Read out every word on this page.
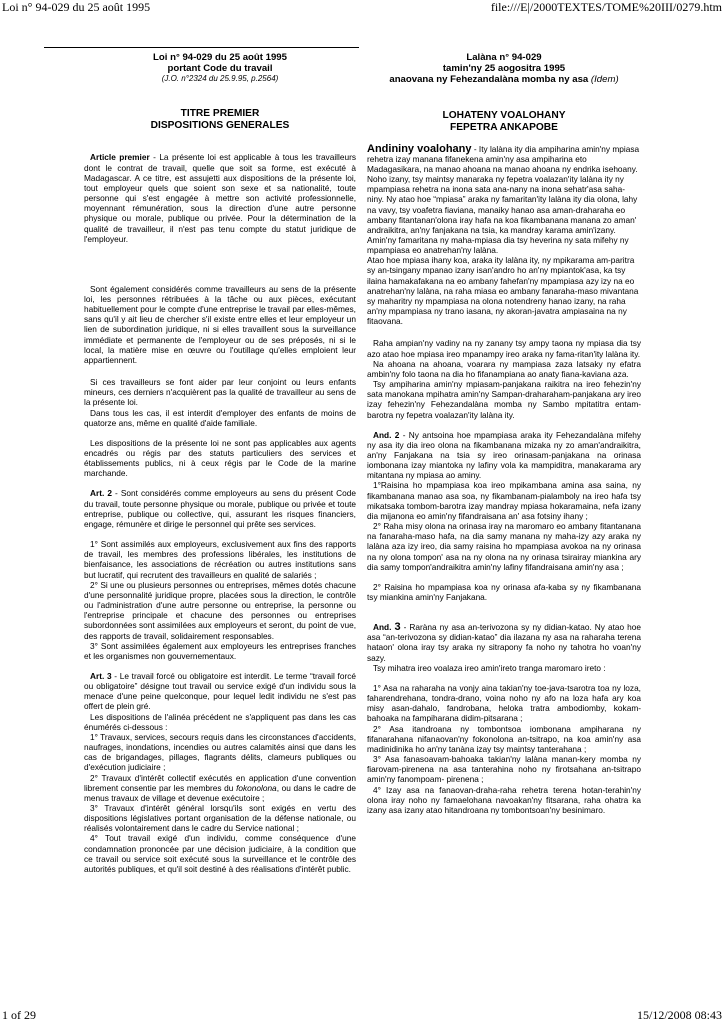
Loi n° 94-029 du 25 août 1995	file:///E|/2000TEXTES/TOME%20III/0279.htm
Loi n° 94-029 du 25 août 1995
portant Code du travail
(J.O. n°2324 du 25.9.95, p.2564)
TITRE PREMIER
DISPOSITIONS GENERALES
Article premier - La présente loi est applicable à tous les travailleurs dont le contrat de travail, quelle que soit sa forme, est exécuté à Madagascar. A ce titre, est assujetti aux dispositions de la présente loi, tout employeur quels que soient son sexe et sa nationalité, toute personne qui s'est engagée à mettre son activité professionnelle, moyennant rémunération, sous la direction d'une autre personne physique ou morale, publique ou privée. Pour la détermination de la qualité de travailleur, il n'est pas tenu compte du statut juridique de l'employeur.
Sont également considérés comme travailleurs au sens de la présente loi, les personnes rétribuées à la tâche ou aux pièces, exécutant habituellement pour le compte d'une entreprise le travail par elles-mêmes, sans qu'il y ait lieu de chercher s'il existe entre elles et leur employeur un lien de subordination juridique, ni si elles travaillent sous la surveillance immédiate et permanente de l'employeur ou de ses préposés, ni si le local, la matière mise en œuvre ou l'outillage qu'elles emploient leur appartiennent.
Si ces travailleurs se font aider par leur conjoint ou leurs enfants mineurs, ces derniers n'acquièrent pas la qualité de travailleur au sens de la présente loi.
Dans tous les cas, il est interdit d'employer des enfants de moins de quatorze ans, même en qualité d'aide familiale.
Les dispositions de la présente loi ne sont pas applicables aux agents encadrés ou régis par des statuts particuliers des services et établissements publics, ni à ceux régis par le Code de la marine marchande.
Art. 2 - Sont considérés comme employeurs au sens du présent Code du travail, toute personne physique ou morale, publique ou privée et toute entreprise, publique ou collective, qui, assurant les risques financiers, engage, rémunère et dirige le personnel qui prête ses services.
1° Sont assimilés aux employeurs, exclusivement aux fins des rapports de travail, les membres des professions libérales, les institutions de bienfaisance, les associations de récréation ou autres institutions sans but lucratif, qui recrutent des travailleurs en qualité de salariés ;
2° Si une ou plusieurs personnes ou entreprises, mêmes dotés chacune d'une personnalité juridique propre, placées sous la direction, le contrôle ou l'administration d'une autre personne ou entreprise, la personne ou l'entreprise principale et chacune des personnes ou entreprises subordonnées sont assimilées aux employeurs et seront, du point de vue, des rapports de travail, solidairement responsables.
3° Sont assimilées également aux employeurs les entreprises franches et les organismes non gouvernementaux.
Art. 3 - Le travail forcé ou obligatoire est interdit. Le terme “travail forcé ou obligatoire” désigne tout travail ou service exigé d'un individu sous la menace d'une peine quelconque, pour lequel ledit individu ne s'est pas offert de plein gré.
Les dispositions de l'alinéa précédent ne s'appliquent pas dans les cas énumérés ci-dessous :
1° Travaux, services, secours requis dans les circonstances d'accidents, naufrages, inondations, incendies ou autres calamités ainsi que dans les cas de brigandages, pillages, flagrants délits, clameurs publiques ou d'exécution judiciaire ;
2° Travaux d'intérêt collectif exécutés en application d'une convention librement consentie par les membres du fokonolona, ou dans le cadre de menus travaux de village et devenue exécutoire ;
3° Travaux d'intérêt général lorsqu'ils sont exigés en vertu des dispositions législatives portant organisation de la défense nationale, ou réalisés volontairement dans le cadre du Service national ;
4° Tout travail exigé d'un individu, comme conséquence d'une condamnation prononcée par une décision judiciaire, à la condition que ce travail ou service soit exécuté sous la surveillance et le contrôle des autorités publiques, et qu'il soit destiné à des réalisations d'intérêt public.
Lalàna n° 94-029
tamin'ny 25 aogositra 1995
anaovana ny Fehezandalàna momba ny asa (Idem)
LOHATENY VOALOHANY
FEPETRA ANKAPOBE
Andininy voalohany - Ity lalàna ity dia ampiharina amin'ny mpiasa rehetra izay manana fifanekena amin'ny asa ampiharina eto Madagasikara, na manao ahoana na manao ahoana ny endrika isehoany. Noho izany, tsy maintsy manaraka ny fepetra voalazan'ity lalàna ity ny mpampiasa rehetra na inona sata ana-nany na inona sehatr'asa saha-niny. Ny atao hoe “mpiasa” araka ny famaritan'ity lalàna ity dia olona, lahy na vavy, tsy voafetra fiaviana, manaiky hanao asa aman-draharaha eo ambany fitantanan'olona iray hafa na koa fikambanana manana zo aman' andraikitra, an'ny fanjakana na tsia, ka mandray karama amin'izany. Amin'ny famaritana ny maha-mpiasa dia tsy heverina ny sata mifehy ny mpampiasa eo anatrehan'ny lalàna.
Atao hoe mpiasa ihany koa, araka ity lalàna ity, ny mpikarama am-paritra sy an-tsingany mpanao izany isan'andro ho an'ny mpiantok'asa, ka tsy ilaina hamakafakana na eo ambany fahefan'ny mpampiasa azy izy na eo anatrehan'ny lalàna, na raha miasa eo ambany fanaraha-maso mivantana sy maharitry ny mpampiasa na olona notendreny hanao izany, na raha an'ny mpampiasa ny trano iasana, ny akoran-javatra ampiasaina na ny fitaovana.
Raha ampian'ny vadiny na ny zanany tsy ampy taona ny mpiasa dia tsy azo atao hoe mpiasa ireo mpanampy ireo araka ny fama-ritan'ity lalàna ity.
Na ahoana na ahoana, voarara ny mampiasa zaza latsaky ny efatra ambin'ny folo taona na dia ho fifanampiana ao anaty fiana-kaviana aza.
Tsy ampiharina amin'ny mpiasam-panjakana raikitra na ireo fehezin'ny sata manokana mpihatra amin'ny Sampan-draharaham-panjakana ary ireo izay fehezin'ny Fehezandalàna momba ny Sambo mpitatitra entam-barotra ny fepetra voalazan'ity lalàna ity.
And. 2 - Ny antsoina hoe mpampiasa araka ity Fehezandalàna mifehy ny asa ity dia ireo olona na fikambanana mizaka ny zo aman'andraikitra, an'ny Fanjakana na tsia sy ireo orinasam-panjakana na orinasa iombonana izay miantoka ny lafiny vola ka mampiditra, manakarama ary mitantana ny mpiasa ao aminy.
1°Raisina ho mpampiasa koa ireo mpikambana amina asa saina, ny fikambanana manao asa soa, ny fikambanam-pialamboly na ireo hafa tsy mikatsaka tombom-barotra izay mandray mpiasa hokaramaina, nefa izany dia mijanona eo amin'ny fifandraisana an' asa fotsiny ihany ;
2° Raha misy olona na orinasa iray na maromaro eo ambany fitantanana na fanaraha-maso hafa, na dia samy manana ny maha-izy azy araka ny lalàna aza izy ireo, dia samy raisina ho mpampiasa avokoa na ny orinasa na ny olona tompon' asa na ny olona na ny orinasa tsirairay miankina ary dia samy tompon'andraikitra amin'ny lafiny fifandraisana amin'ny asa ;
2° Raisina ho mpampiasa koa ny orinasa afa-kaba sy ny fikambanana tsy miankina amin'ny Fanjakana.
And. 3 - Raràna ny asa an-terivozona sy ny didian-katao. Ny atao hoe asa “an-terivozona sy didian-katao” dia ilazana ny asa na raharaha terena hataon' olona iray tsy araka ny sitrapony fa noho ny tahotra ho voan'ny sazy.
Tsy mihatra ireo voalaza ireo amin'ireto tranga maromaro ireto :
1° Asa na raharaha na vonjy aina takian'ny toe-java-tsarotra toa ny loza, faharendrehana, tondra-drano, voina noho ny afo na loza hafa ary koa misy asan-dahalo, fandrobana, heloka tratra ambodiomby, kokam-bahoaka na fampiharana didim-pitsarana ;
2° Asa itandroana ny tombontsoa iombonana ampiharana ny fifanarahana nifanaovan'ny fokonolona an-tsitrapo, na koa amin'ny asa madinidinika ho an'ny tanàna izay tsy maintsy tanterahana ;
3° Asa fanasoavam-bahoaka takian'ny lalàna manan-kery momba ny fiarovam-pirenena na asa tanterahina noho ny firotsahana an-tsitrapo amin'ny fanompoam- pirenena ;
4° Izay asa na fanaovan-draha-raha rehetra terena hotan-terahin'ny olona iray noho ny famaelohana navoakan'ny fitsarana, raha ohatra ka izany asa izany atao hitandroana ny tombontsoan'ny besinimaro.
1 of 29	15/12/2008 08:43
